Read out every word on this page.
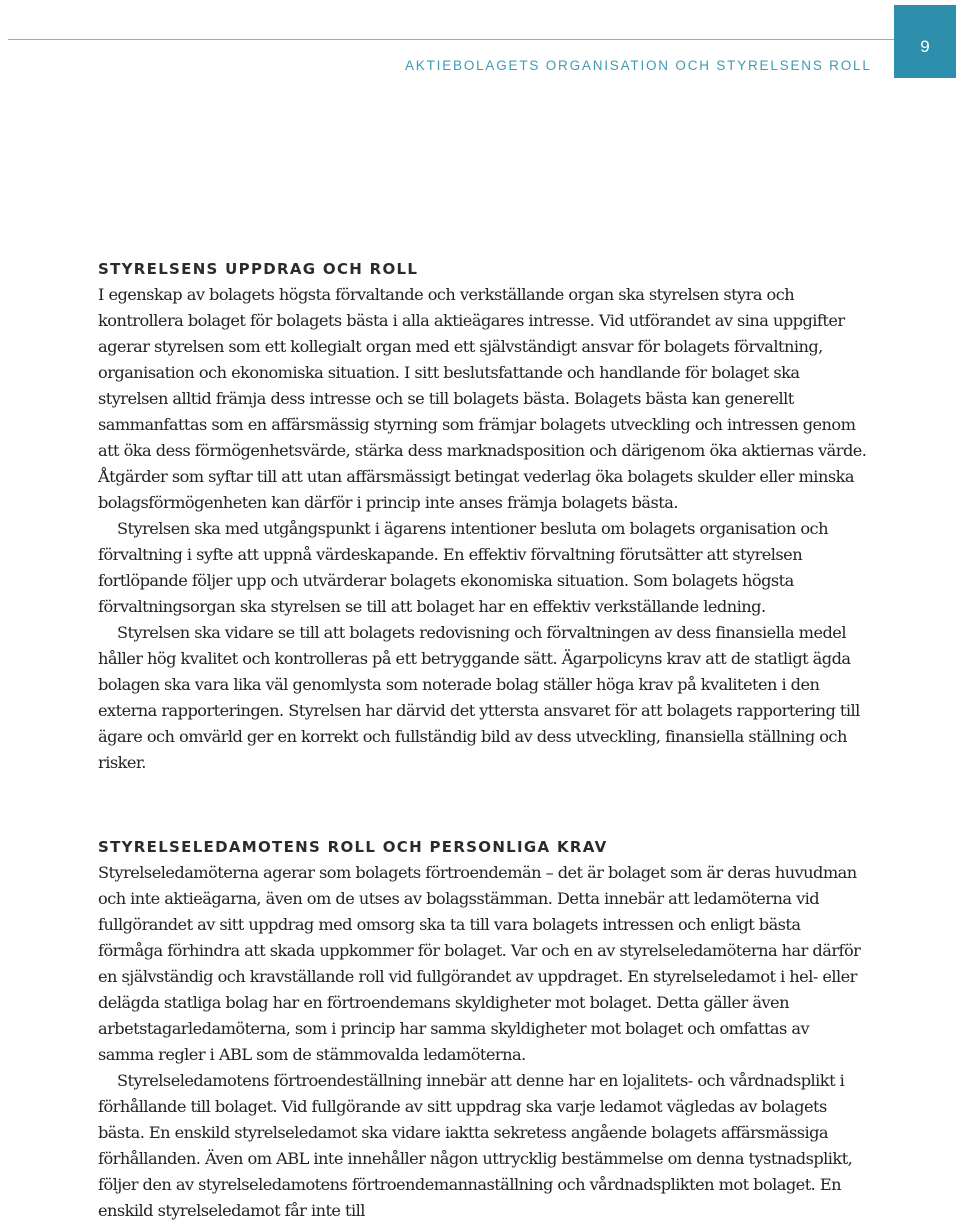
AKTIEBOLAGETS ORGANISATION OCH STYRELSENS ROLL
9
STYRELSENS UPPDRAG OCH ROLL

I egenskap av bolagets högsta förvaltande och verkställande organ ska styrelsen styra och kontrollera bolaget för bolagets bästa i alla aktieägares intresse. Vid utförandet av sina uppgifter agerar styrelsen som ett kollegialt organ med ett självständigt ansvar för bolagets förvaltning, organisation och ekonomiska situation. I sitt beslutsfattande och handlande för bolaget ska styrelsen alltid främja dess intresse och se till bolagets bästa. Bolagets bästa kan generellt sammanfattas som en affärsmässig styrning som främjar bolagets utveckling och intressen genom att öka dess förmögenhetsvärde, stärka dess marknadsposition och därigenom öka aktiernas värde. Åtgärder som syftar till att utan affärsmässigt betingat vederlag öka bolagets skulder eller minska bolagsförmögenheten kan därför i princip inte anses främja bolagets bästa.

Styrelsen ska med utgångspunkt i ägarens intentioner besluta om bolagets organisation och förvaltning i syfte att uppnå värdeskapande. En effektiv förvaltning förutsätter att styrelsen fortlöpande följer upp och utvärderar bolagets ekonomiska situation. Som bolagets högsta förvaltningsorgan ska styrelsen se till att bolaget har en effektiv verkställande ledning.

Styrelsen ska vidare se till att bolagets redovisning och förvaltningen av dess finansiella medel håller hög kvalitet och kontrolleras på ett betryggande sätt. Ägarpolicyns krav att de statligt ägda bolagen ska vara lika väl genomlysta som noterade bolag ställer höga krav på kvaliteten i den externa rapporteringen. Styrelsen har därvid det yttersta ansvaret för att bolagets rapportering till ägare och omvärld ger en korrekt och fullständig bild av dess utveckling, finansiella ställning och risker.

STYRELSELEDAMOTENS ROLL OCH PERSONLIGA KRAV

Styrelseledamöterna agerar som bolagets förtroendemän – det är bolaget som är deras huvudman och inte aktieägarna, även om de utses av bolagsstämman. Detta innebär att ledamöterna vid fullgörandet av sitt uppdrag med omsorg ska ta till vara bolagets intressen och enligt bästa förmåga förhindra att skada uppkommer för bolaget. Var och en av styrelseledamöterna har därför en självständig och kravställande roll vid fullgörandet av uppdraget. En styrelseledamot i hel- eller delägda statliga bolag har en förtroendemans skyldigheter mot bolaget. Detta gäller även arbetstagarledamöterna, som i princip har samma skyldigheter mot bolaget och omfattas av samma regler i ABL som de stämmovalda ledamöterna.

Styrelseledamotens förtroendeställning innebär att denne har en lojalitets- och vårdnadsplikt i förhållande till bolaget. Vid fullgörande av sitt uppdrag ska varje ledamot vägledas av bolagets bästa. En enskild styrelseledamot ska vidare iaktta sekretess angående bolagets affärsmässiga förhållanden. Även om ABL inte innehåller någon uttrycklig bestämmelse om denna tystnadsplikt, följer den av styrelseledamotens förtroendemannaställning och vårdnadsplikten mot bolaget. En enskild styrelseledamot får inte till
